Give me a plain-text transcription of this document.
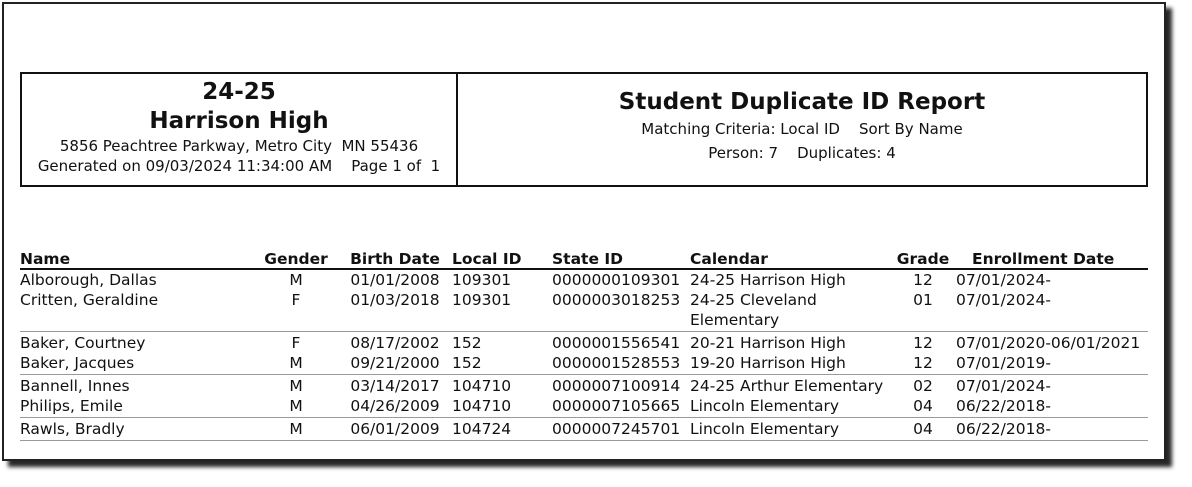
24-25
Harrison High
5856 Peachtree Parkway, Metro City  MN 55436
Generated on 09/03/2024 11:34:00 AM    Page 1 of  1
Student Duplicate ID Report
Matching Criteria: Local ID    Sort By Name
Person: 7    Duplicates: 4
Name	Gender	Birth Date	Local ID	State ID	Calendar	Grade	Enrollment Date
Alborough, Dallas	M	01/01/2008	109301	0000000109301	24-25 Harrison High	12	07/01/2024-
Critten, Geraldine	F	01/03/2018	109301	0000003018253	24-25 Cleveland Elementary	01	07/01/2024-
Baker, Courtney	F	08/17/2002	152	0000001556541	20-21 Harrison High	12	07/01/2020-06/01/2021
Baker, Jacques	M	09/21/2000	152	0000001528553	19-20 Harrison High	12	07/01/2019-
Bannell, Innes	M	03/14/2017	104710	0000007100914	24-25 Arthur Elementary	02	07/01/2024-
Philips, Emile	M	04/26/2009	104710	0000007105665	Lincoln Elementary	04	06/22/2018-
Rawls, Bradly	M	06/01/2009	104724	0000007245701	Lincoln Elementary	04	06/22/2018-
